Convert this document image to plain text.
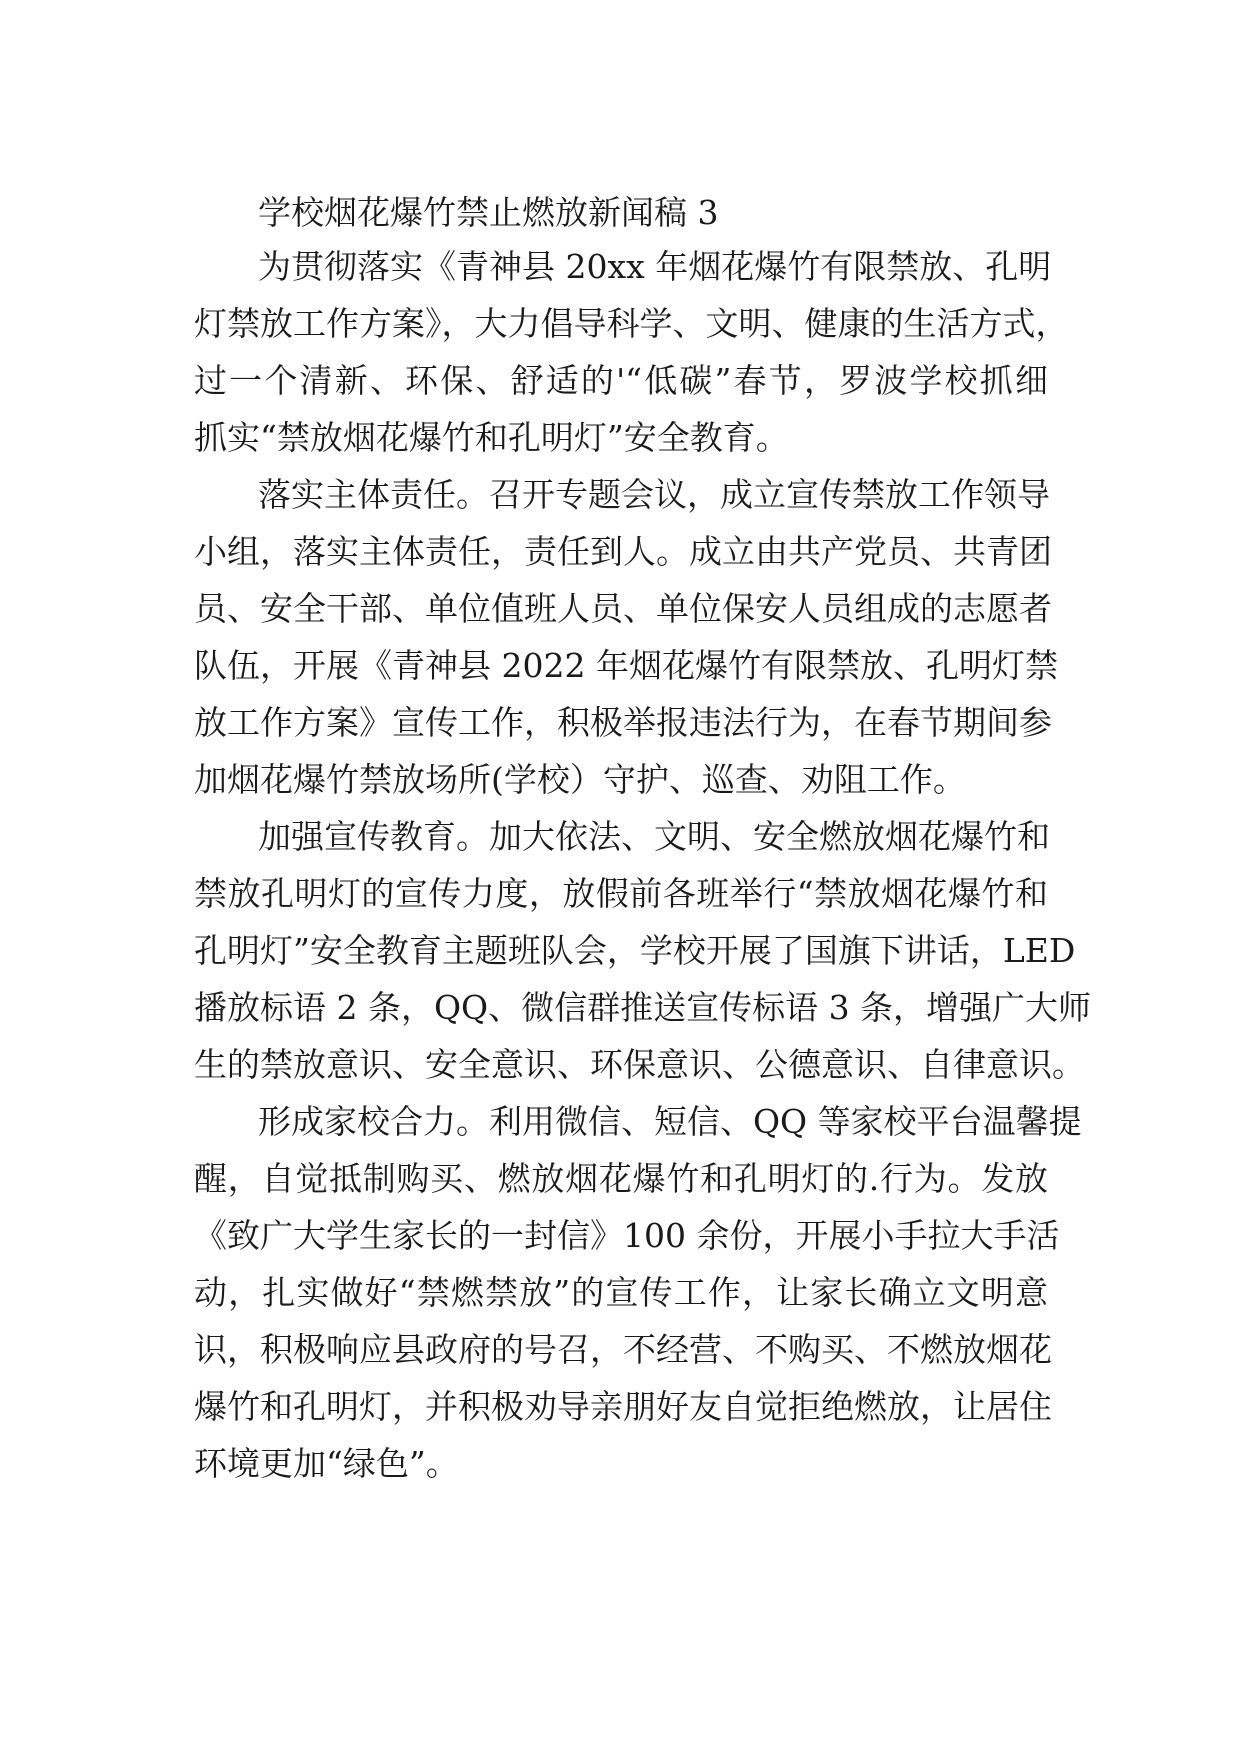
学校烟花爆竹禁止燃放新闻稿 3
为贯彻落实《青神县 20xx 年烟花爆竹有限禁放、孔明
灯禁放工作方案》，大力倡导科学、文明、健康的生活方式，
过一个清新、环保、舒适的'“低碳”春节，罗波学校抓细
抓实“禁放烟花爆竹和孔明灯”安全教育。
落实主体责任。召开专题会议，成立宣传禁放工作领导
小组，落实主体责任，责任到人。成立由共产党员、共青团
员、安全干部、单位值班人员、单位保安人员组成的志愿者
队伍，开展《青神县 2022 年烟花爆竹有限禁放、孔明灯禁
放工作方案》宣传工作，积极举报违法行为，在春节期间参
加烟花爆竹禁放场所(学校）守护、巡查、劝阻工作。
加强宣传教育。加大依法、文明、安全燃放烟花爆竹和
禁放孔明灯的宣传力度，放假前各班举行“禁放烟花爆竹和
孔明灯”安全教育主题班队会，学校开展了国旗下讲话，LED
播放标语 2 条，QQ、微信群推送宣传标语 3 条，增强广大师
生的禁放意识、安全意识、环保意识、公德意识、自律意识。
形成家校合力。利用微信、短信、QQ 等家校平台温馨提
醒，自觉抵制购买、燃放烟花爆竹和孔明灯的.行为。发放
《致广大学生家长的一封信》100 余份，开展小手拉大手活
动，扎实做好“禁燃禁放”的宣传工作，让家长确立文明意
识，积极响应县政府的号召，不经营、不购买、不燃放烟花
爆竹和孔明灯，并积极劝导亲朋好友自觉拒绝燃放，让居住
环境更加“绿色”。
